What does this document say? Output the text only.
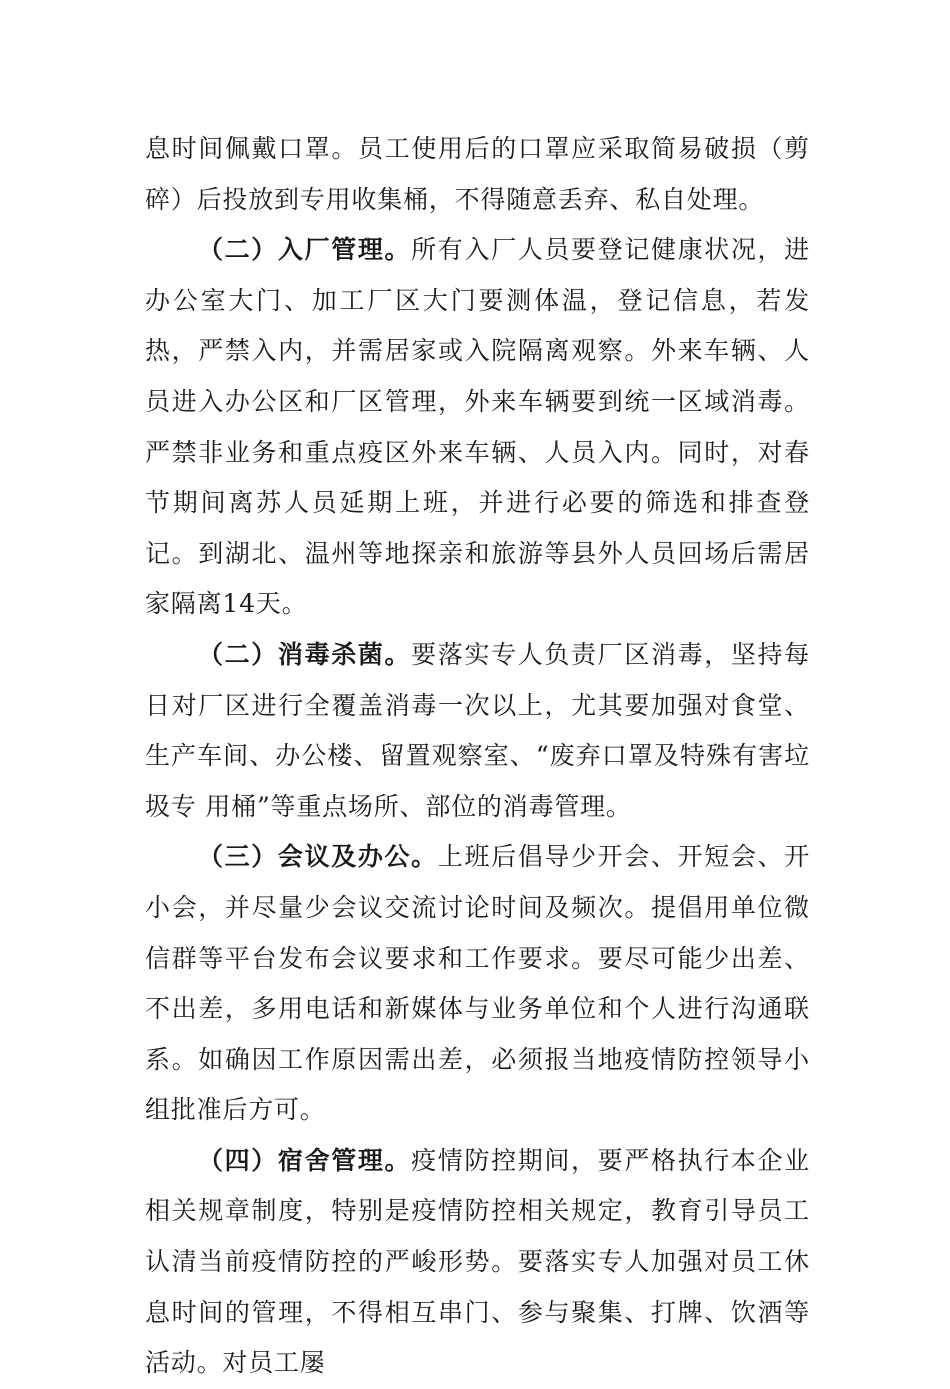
息时间佩戴口罩。员工使用后的口罩应采取简易破损（剪碎）后投放到专用收集桶，不得随意丢弃、私自处理。

（二）入厂管理。所有入厂人员要登记健康状况，进办公室大门、加工厂区大门要测体温，登记信息，若发热，严禁入内，并需居家或入院隔离观察。外来车辆、人员进入办公区和厂区管理，外来车辆要到统一区域消毒。严禁非业务和重点疫区外来车辆、人员入内。同时，对春节期间离苏人员延期上班，并进行必要的筛选和排查登记。到湖北、温州等地探亲和旅游等县外人员回场后需居家隔离14天。

（二）消毒杀菌。要落实专人负责厂区消毒，坚持每日对厂区进行全覆盖消毒一次以上，尤其要加强对食堂、生产车间、办公楼、留置观察室、“废弃口罩及特殊有害垃圾专 用桶”等重点场所、部位的消毒管理。

（三）会议及办公。上班后倡导少开会、开短会、开小会，并尽量少会议交流讨论时间及频次。提倡用单位微信群等平台发布会议要求和工作要求。要尽可能少出差、不出差，多用电话和新媒体与业务单位和个人进行沟通联系。如确因工作原因需出差，必须报当地疫情防控领导小组批准后方可。

（四）宿舍管理。疫情防控期间，要严格执行本企业相关规章制度，特别是疫情防控相关规定，教育引导员工认清当前疫情防控的严峻形势。要落实专人加强对员工休息时间的管理，不得相互串门、参与聚集、打牌、饮酒等活动。对员工屡
